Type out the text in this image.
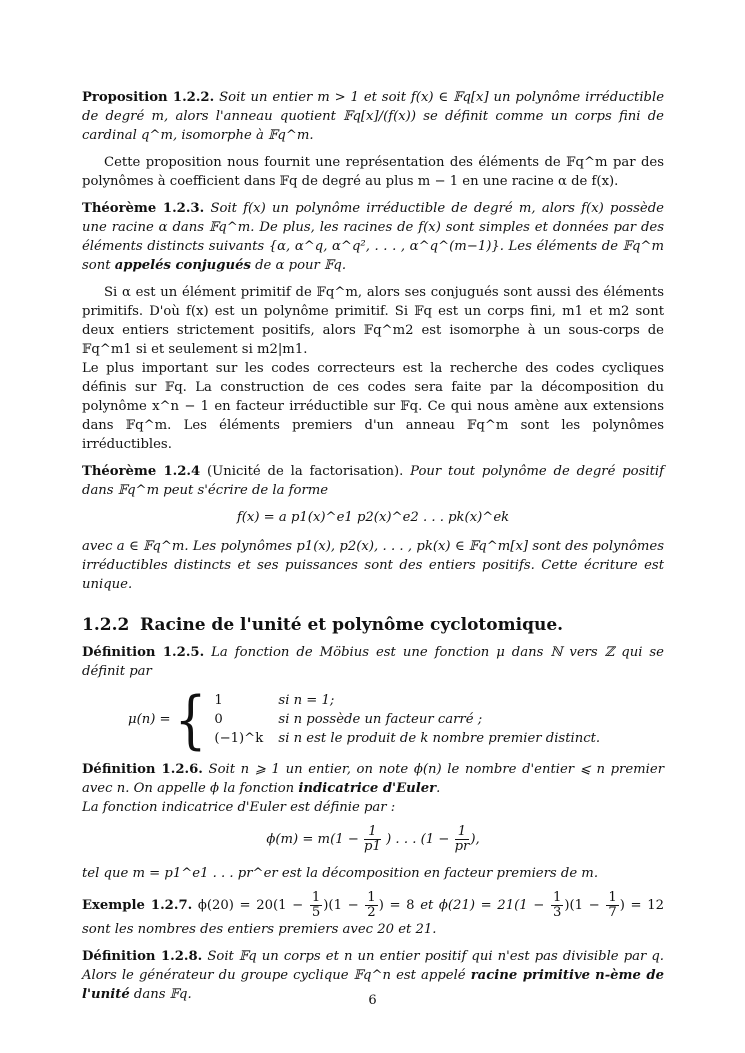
Proposition 1.2.2. Soit un entier m > 1 et soit f(x) ∈ 𝔽q[x] un polynôme irréductible de degré m, alors l'anneau quotient 𝔽q[x]/(f(x)) se définit comme un corps fini de cardinal q^m, isomorphe à 𝔽q^m.

Cette proposition nous fournit une représentation des éléments de 𝔽q^m par des polynômes à coefficient dans 𝔽q de degré au plus m − 1 en une racine α de f(x).

Théorème 1.2.3. Soit f(x) un polynôme irréductible de degré m, alors f(x) possède une racine α dans 𝔽q^m. De plus, les racines de f(x) sont simples et données par des éléments distincts suivants {α, α^q, α^q², . . . , α^q^(m−1)}. Les éléments de 𝔽q^m sont appelés conjugués de α pour 𝔽q.

Si α est un élément primitif de 𝔽q^m, alors ses conjugués sont aussi des éléments primitifs. D'où f(x) est un polynôme primitif. Si 𝔽q est un corps fini, m1 et m2 sont deux entiers strictement positifs, alors 𝔽q^m2 est isomorphe à un sous-corps de 𝔽q^m1 si et seulement si m2|m1.

Le plus important sur les codes correcteurs est la recherche des codes cycliques définis sur 𝔽q. La construction de ces codes sera faite par la décomposition du polynôme x^n − 1 en facteur irréductible sur 𝔽q. Ce qui nous amène aux extensions dans 𝔽q^m. Les éléments premiers d'un anneau 𝔽q^m sont les polynômes irréductibles.

Théorème 1.2.4 (Unicité de la factorisation). Pour tout polynôme de degré positif dans 𝔽q^m peut s'écrire de la forme

f(x) = a p1(x)^e1 p2(x)^e2 . . . pk(x)^ek

avec a ∈ 𝔽q^m. Les polynômes p1(x), p2(x), . . . , pk(x) ∈ 𝔽q^m[x] sont des polynômes irréductibles distincts et ses puissances sont des entiers positifs. Cette écriture est unique.

1.2.2 Racine de l'unité et polynôme cyclotomique.

Définition 1.2.5. La fonction de Möbius est une fonction μ dans ℕ vers ℤ qui se définit par

μ(n) = { 1	si n = 1;
0	si n possède un facteur carré ;
(−1)^k	si n est le produit de k nombre premier distinct.

Définition 1.2.6. Soit n ⩾ 1 un entier, on note ϕ(n) le nombre d'entier ⩽ n premier avec n. On appelle ϕ la fonction indicatrice d'Euler.

La fonction indicatrice d'Euler est définie par :

$\phi(m) = m(1 - \frac{1}{p1}$ ) . . . ($1 - \frac{1}{pr}$ ),

tel que m = p1^e1 . . . pr^er est la décomposition en facteur premiers de m.

Exemple 1.2.7. $\phi(20) = 20(1 - \frac{1}{5} )(1 - \frac{1}{2}$ ) = 8 et $\phi(21) = 21(1 - \frac{1}{3} )(1 - \frac{1}{7}$ ) = 12 sont les nombres des entiers premiers avec 20 et 21.

Définition 1.2.8. Soit 𝔽q un corps et n un entier positif qui n'est pas divisible par q. Alors le générateur du groupe cyclique 𝔽q^n est appelé racine primitive n-ème de l'unité dans 𝔽q.	6
